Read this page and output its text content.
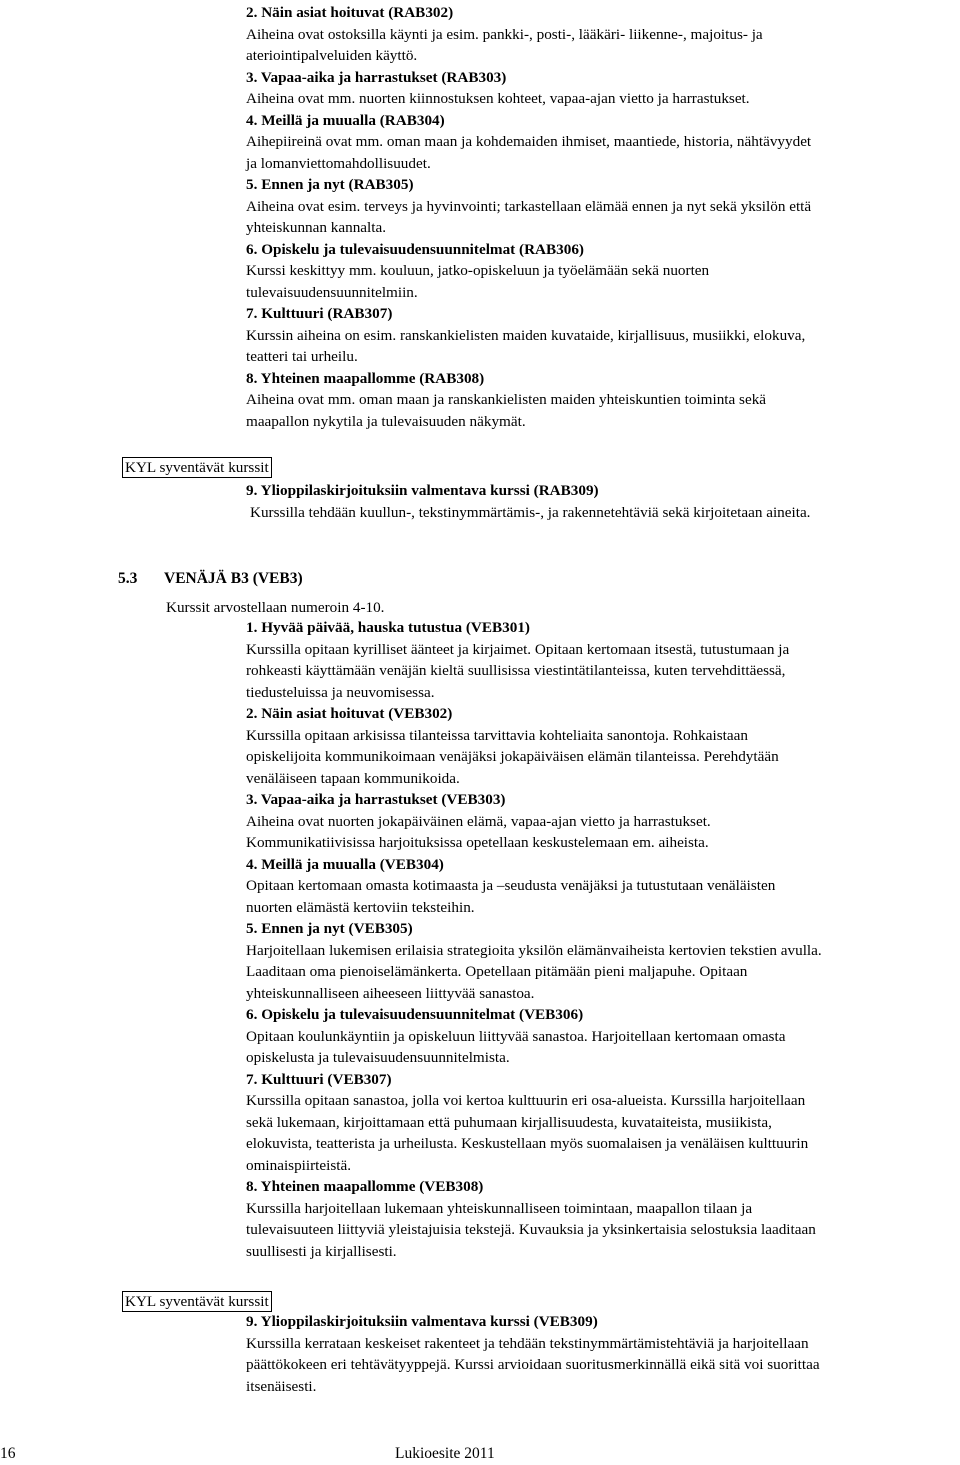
2. Näin asiat hoituvat (RAB302)

Aiheina ovat ostoksilla käynti ja esim. pankki-, posti-, lääkäri- liikenne-, majoitus- ja

ateriointipalveluiden käyttö.

3. Vapaa-aika ja harrastukset (RAB303)

Aiheina ovat mm. nuorten kiinnostuksen kohteet, vapaa-ajan vietto ja harrastukset.

4. Meillä ja muualla (RAB304)

Aihepiireinä ovat mm. oman maan ja kohdemaiden ihmiset, maantiede, historia, nähtävyydet

ja lomanviettomahdollisuudet.

5. Ennen ja nyt (RAB305)

Aiheina ovat esim. terveys ja hyvinvointi; tarkastellaan elämää ennen ja nyt sekä yksilön että

yhteiskunnan kannalta.

6. Opiskelu ja tulevaisuudensuunnitelmat (RAB306)

Kurssi keskittyy mm. kouluun, jatko-opiskeluun ja työelämään sekä nuorten

tulevaisuudensuunnitelmiin.

7. Kulttuuri (RAB307)

Kurssin aiheina on esim. ranskankielisten maiden kuvataide, kirjallisuus, musiikki, elokuva,

teatteri tai urheilu.

8. Yhteinen maapallomme (RAB308)

Aiheina ovat mm. oman maan ja ranskankielisten maiden yhteiskuntien toiminta sekä

maapallon nykytila ja tulevaisuuden näkymät.

KYL syventävät kurssit

9. Ylioppilaskirjoituksiin valmentava kurssi (RAB309)

Kurssilla tehdään kuullun-, tekstinymmärtämis-, ja rakennetehtäviä sekä kirjoitetaan aineita.

5.3 VENÄJÄ B3 (VEB3)
Kurssit arvostellaan numeroin 4-10.

1. Hyvää päivää, hauska tutustua (VEB301)

Kurssilla opitaan kyrilliset äänteet ja kirjaimet. Opitaan kertomaan itsestä, tutustumaan ja

rohkeasti käyttämään venäjän kieltä suullisissa viestintätilanteissa, kuten tervehdittäessä,

tiedusteluissa ja neuvomisessa.

2. Näin asiat hoituvat (VEB302)

Kurssilla opitaan arkisissa tilanteissa tarvittavia kohteliaita sanontoja. Rohkaistaan

opiskelijoita kommunikoimaan venäjäksi jokapäiväisen elämän tilanteissa. Perehdytään

venäläiseen tapaan kommunikoida.

3. Vapaa-aika ja harrastukset (VEB303)

Aiheina ovat nuorten jokapäiväinen elämä, vapaa-ajan vietto ja harrastukset.

Kommunikatiivisissa harjoituksissa opetellaan keskustelemaan em. aiheista.

4. Meillä ja muualla (VEB304)

Opitaan kertomaan omasta kotimaasta ja –seudusta venäjäksi ja tutustutaan venäläisten

nuorten elämästä kertoviin teksteihin.

5. Ennen ja nyt (VEB305)

Harjoitellaan lukemisen erilaisia strategioita yksilön elämänvaiheista kertovien tekstien avulla.

Laaditaan oma pienoiselämänkerta. Opetellaan pitämään pieni maljapuhe. Opitaan

yhteiskunnalliseen aiheeseen liittyvää sanastoa.

6. Opiskelu ja tulevaisuudensuunnitelmat (VEB306)

Opitaan koulunkäyntiin ja opiskeluun liittyvää sanastoa. Harjoitellaan kertomaan omasta

opiskelusta ja tulevaisuudensuunnitelmista.

7. Kulttuuri (VEB307)

Kurssilla opitaan sanastoa, jolla voi kertoa kulttuurin eri osa-alueista. Kurssilla harjoitellaan

sekä lukemaan, kirjoittamaan että puhumaan kirjallisuudesta, kuvataiteista, musiikista,

elokuvista, teatterista ja urheilusta. Keskustellaan myös suomalaisen ja venäläisen kulttuurin

ominaispiirteistä.

8. Yhteinen maapallomme (VEB308)

Kurssilla harjoitellaan lukemaan yhteiskunnalliseen toimintaan, maapallon tilaan ja

tulevaisuuteen liittyviä yleistajuisia tekstejä. Kuvauksia ja yksinkertaisia selostuksia laaditaan

suullisesti ja kirjallisesti.

KYL syventävät kurssit

9. Ylioppilaskirjoituksiin valmentava kurssi (VEB309)

Kurssilla kerrataan keskeiset rakenteet ja tehdään tekstinymmärtämistehtäviä ja harjoitellaan

päättökokeen eri tehtävätyyppejä. Kurssi arvioidaan suoritusmerkinnällä eikä sitä voi suorittaa

itsenäisesti.

16	Lukioesite 2011
